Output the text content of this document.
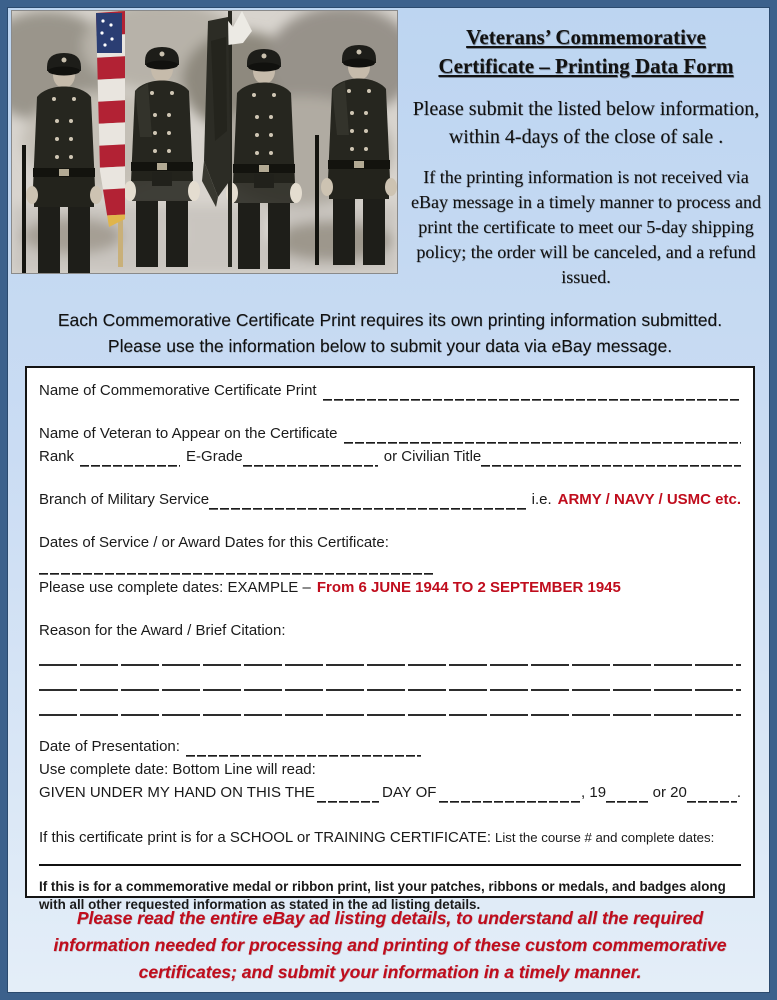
Veterans’ Commemorative
Certificate – Printing Data Form
Please submit the listed below information, within 4-days of the close of sale .
If the printing information is not received via eBay message in a timely manner to process and print the certificate to meet our 5-day shipping policy; the order will be canceled, and a refund issued.
Each Commemorative Certificate Print requires its own printing information submitted. Please use the information below to submit your data via eBay message.
Name of Commemorative Certificate Print
Name of Veteran to Appear on the Certificate
Rank	E-Grade	or Civilian Title
Branch of Military Service	i.e. ARMY / NAVY / USMC etc.
Dates of Service / or Award Dates for this Certificate:
Please use complete dates: EXAMPLE – From 6 JUNE 1944 TO 2 SEPTEMBER 1945
Reason for the Award / Brief Citation:
Date of Presentation:
Use complete date: Bottom Line will read:
GIVEN UNDER MY HAND ON THIS THE	DAY OF	, 19	or 20	.
If this certificate print is for a SCHOOL or TRAINING CERTIFICATE: List the course # and complete dates:
If this is for a commemorative medal or ribbon print, list your patches, ribbons or medals, and badges along with all other requested information as stated in the ad listing details.
Please read the entire eBay ad listing details, to understand all the required information needed for processing and printing of these custom commemorative certificates; and submit your information in a timely manner.
